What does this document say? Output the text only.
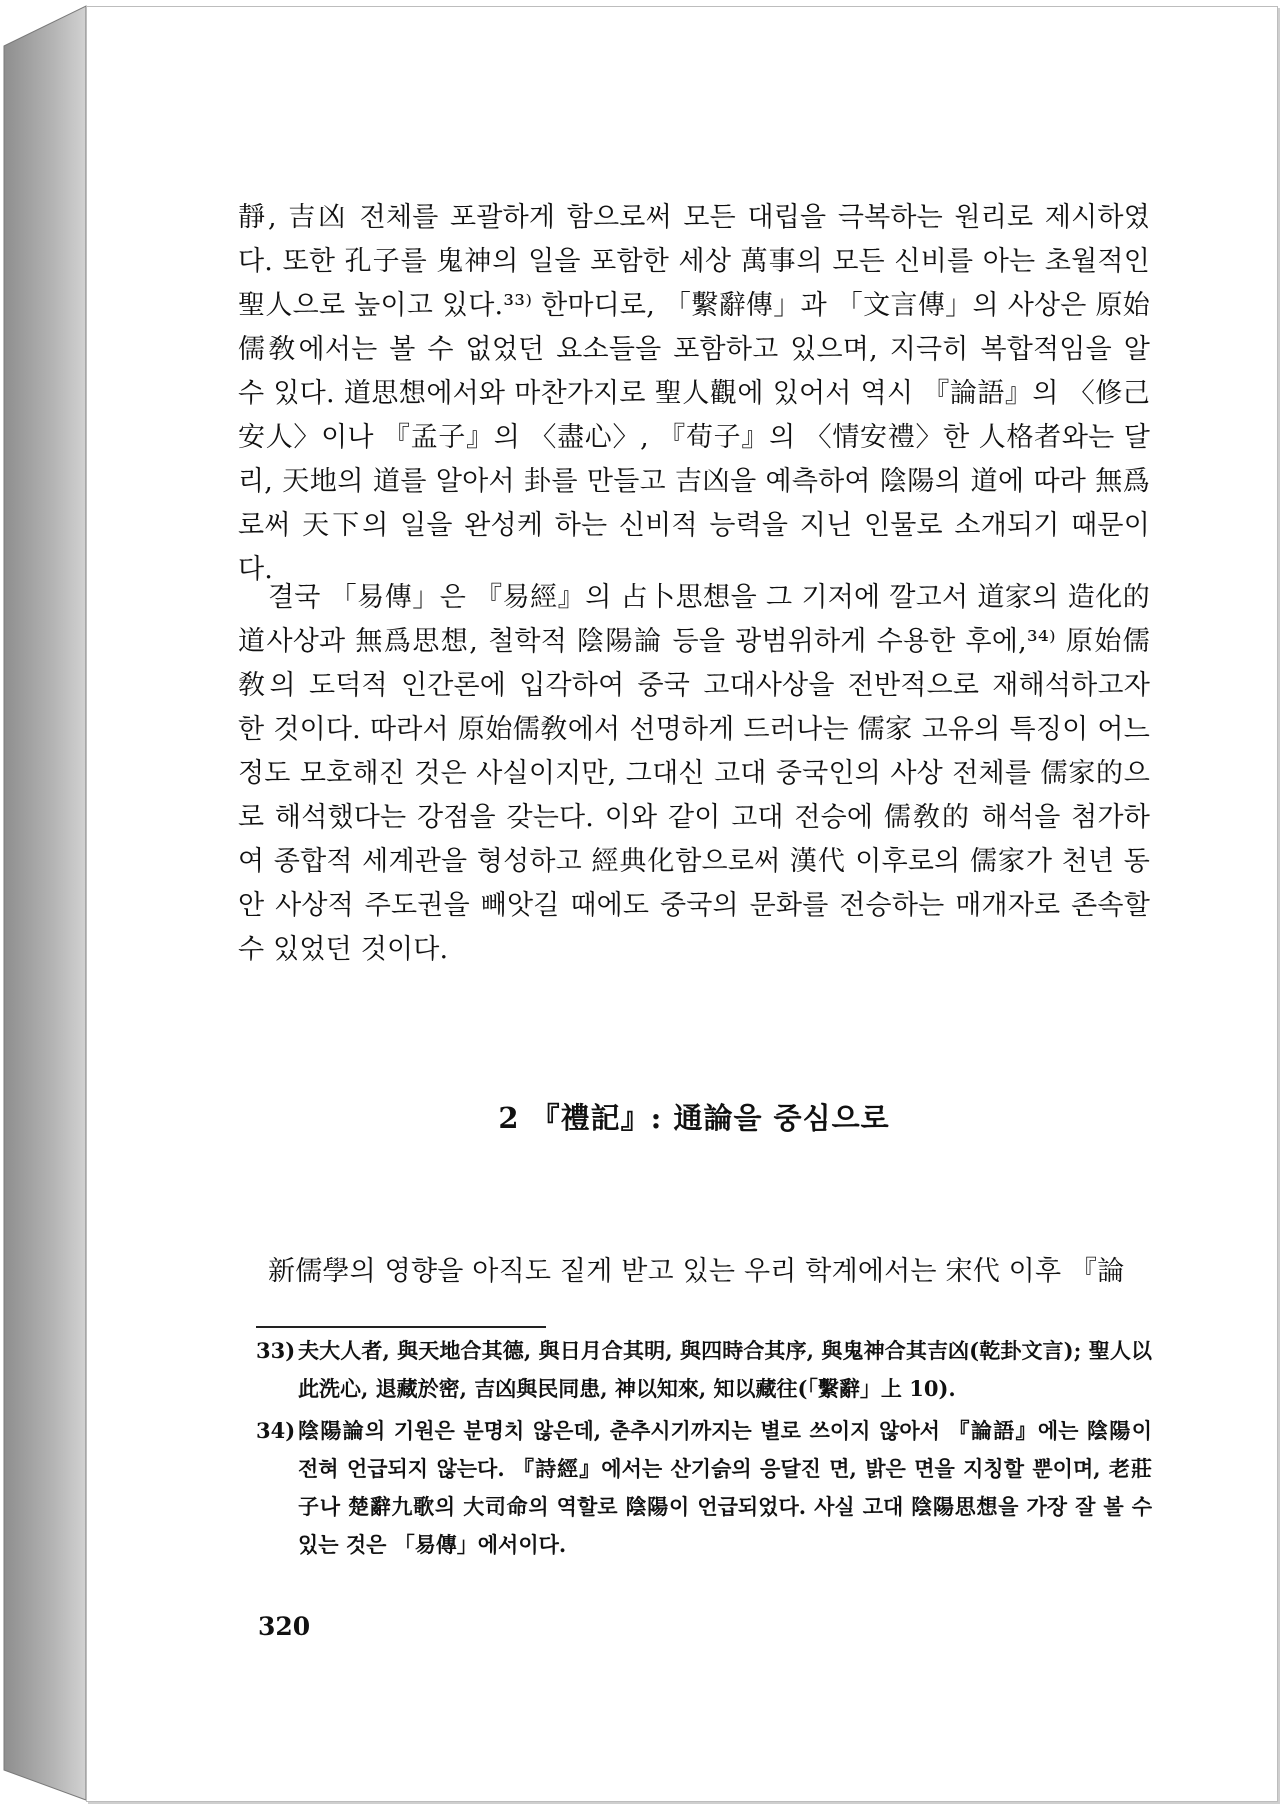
靜, 吉凶 전체를 포괄하게 함으로써 모든 대립을 극복하는 원리로 제시하였다. 또한 孔子를 鬼神의 일을 포함한 세상 萬事의 모든 신비를 아는 초월적인 聖人으로 높이고 있다.³³⁾ 한마디로, 「繫辭傳」과 「文言傳」의 사상은 原始儒敎에서는 볼 수 없었던 요소들을 포함하고 있으며, 지극히 복합적임을 알 수 있다. 道思想에서와 마찬가지로 聖人觀에 있어서 역시 『論語』의 〈修己安人〉이나 『孟子』의 〈盡心〉, 『荀子』의 〈情安禮〉한 人格者와는 달리, 天地의 道를 알아서 卦를 만들고 吉凶을 예측하여 陰陽의 道에 따라 無爲로써 天下의 일을 완성케 하는 신비적 능력을 지닌 인물로 소개되기 때문이다.

결국 「易傳」은 『易經』의 占卜思想을 그 기저에 깔고서 道家의 造化的 道사상과 無爲思想, 철학적 陰陽論 등을 광범위하게 수용한 후에,³⁴⁾ 原始儒敎의 도덕적 인간론에 입각하여 중국 고대사상을 전반적으로 재해석하고자 한 것이다. 따라서 原始儒敎에서 선명하게 드러나는 儒家 고유의 특징이 어느 정도 모호해진 것은 사실이지만, 그대신 고대 중국인의 사상 전체를 儒家的으로 해석했다는 강점을 갖는다. 이와 같이 고대 전승에 儒敎的 해석을 첨가하여 종합적 세계관을 형성하고 經典化함으로써 漢代 이후로의 儒家가 천년 동안 사상적 주도권을 빼앗길 때에도 중국의 문화를 전승하는 매개자로 존속할 수 있었던 것이다.

2 『禮記』: 通論을 중심으로

新儒學의 영향을 아직도 짙게 받고 있는 우리 학계에서는 宋代 이후 『論

33) 夫大人者, 與天地合其德, 與日月合其明, 與四時合其序, 與鬼神合其吉凶(乾卦文言); 聖人以此洗心, 退藏於密, 吉凶與民同患, 神以知來, 知以藏往(「繫辭」上 10).
34) 陰陽論의 기원은 분명치 않은데, 춘추시기까지는 별로 쓰이지 않아서 『論語』에는 陰陽이 전혀 언급되지 않는다. 『詩經』에서는 산기슭의 응달진 면, 밝은 면을 지칭할 뿐이며, 老莊子나 楚辭九歌의 大司命의 역할로 陰陽이 언급되었다. 사실 고대 陰陽思想을 가장 잘 볼 수 있는 것은 「易傳」에서이다.

320
